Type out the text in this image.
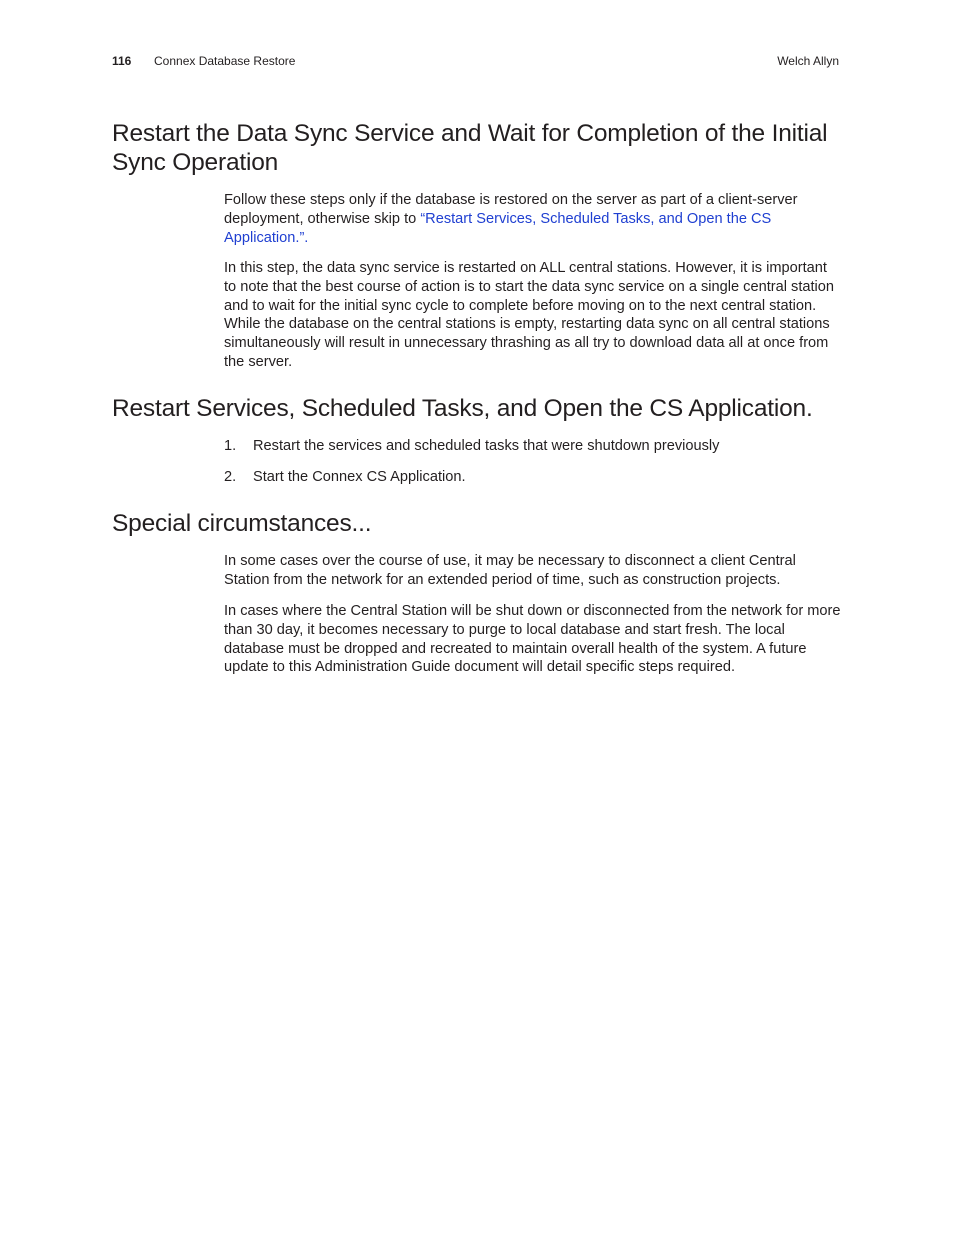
116 Connex Database Restore	Welch Allyn
Restart the Data Sync Service and Wait for Completion of the Initial Sync Operation

Follow these steps only if the database is restored on the server as part of a client-server deployment, otherwise skip to “Restart Services, Scheduled Tasks, and Open the CS Application.”.

In this step, the data sync service is restarted on ALL central stations. However, it is important to note that the best course of action is to start the data sync service on a single central station and to wait for the initial sync cycle to complete before moving on to the next central station. While the database on the central stations is empty, restarting data sync on all central stations simultaneously will result in unnecessary thrashing as all try to download data all at once from the server.

Restart Services, Scheduled Tasks, and Open the CS Application.
1. Restart the services and scheduled tasks that were shutdown previously
2. Start the Connex CS Application.
Special circumstances...

In some cases over the course of use, it may be necessary to disconnect a client Central Station from the network for an extended period of time, such as construction projects.

In cases where the Central Station will be shut down or disconnected from the network for more than 30 day, it becomes necessary to purge to local database and start fresh. The local database must be dropped and recreated to maintain overall health of the system. A future update to this Administration Guide document will detail specific steps required.
